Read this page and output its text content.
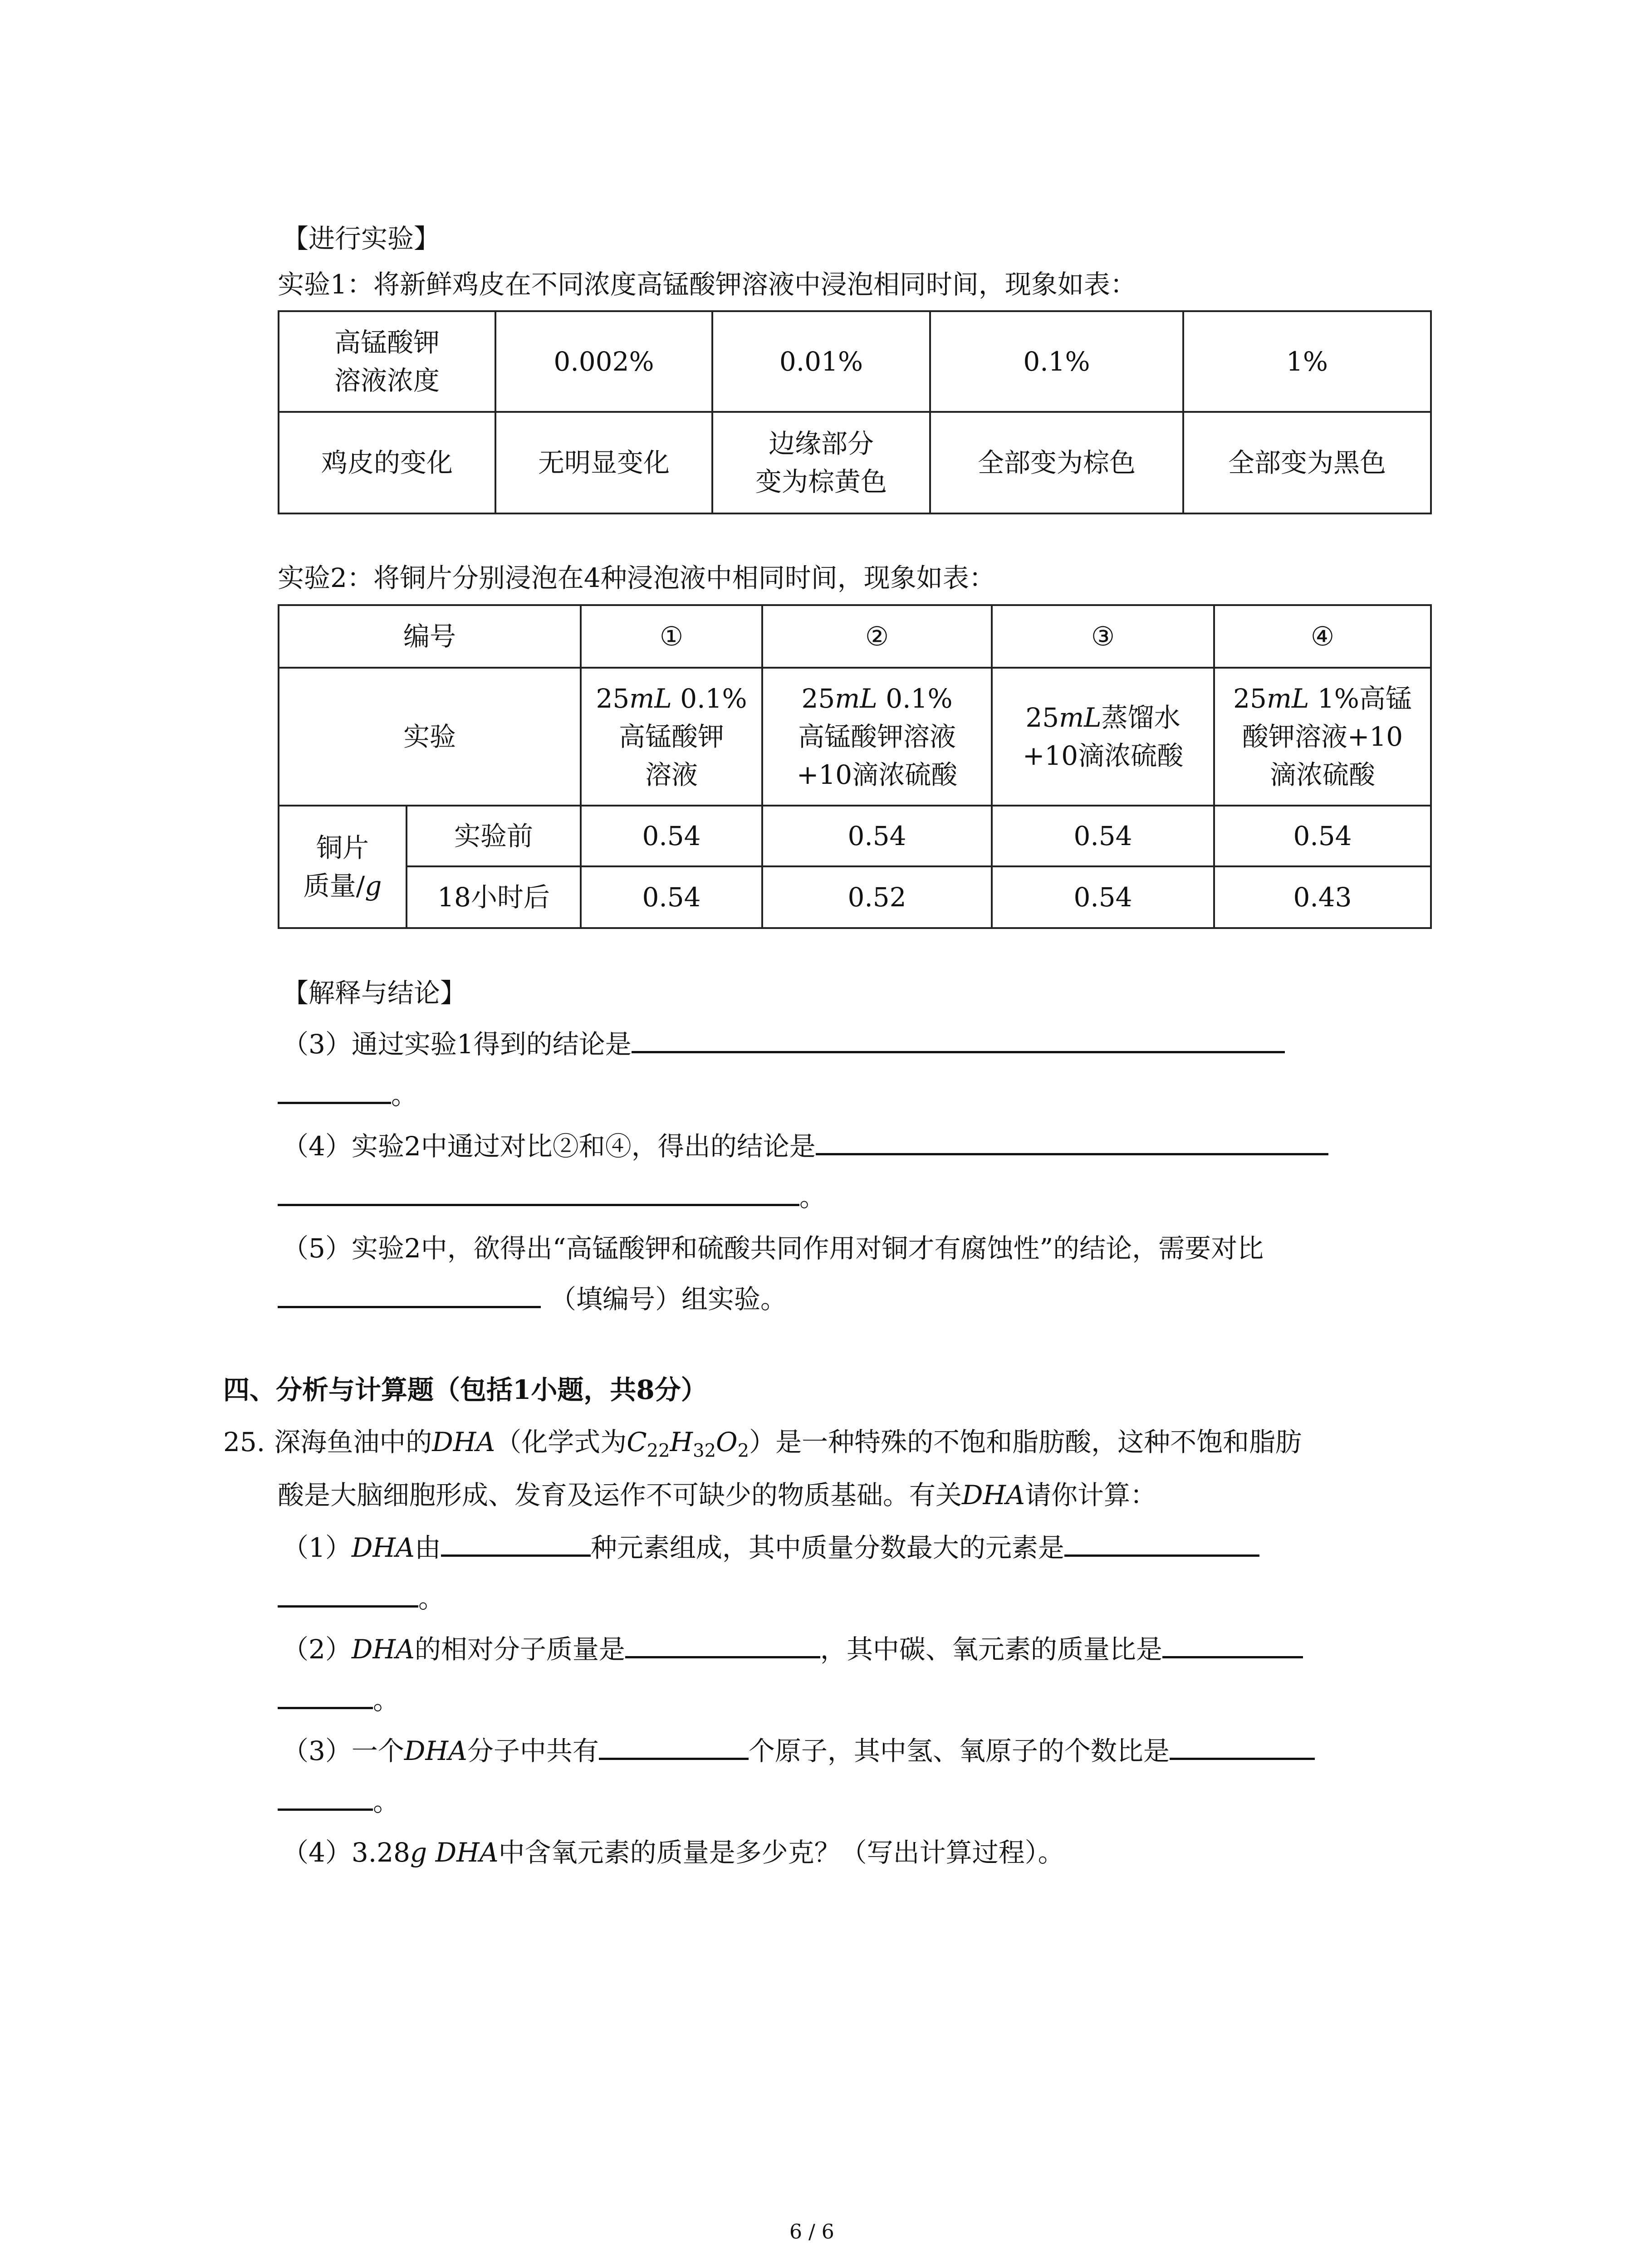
【进行实验】
实验1：将新鲜鸡皮在不同浓度高锰酸钾溶液中浸泡相同时间，现象如表：
高锰酸钾
溶液浓度	0.002%	0.01%	0.1%	1%
鸡皮的变化	无明显变化	边缘部分
变为棕黄色	全部变为棕色	全部变为黑色
实验2：将铜片分别浸泡在4种浸泡液中相同时间，现象如表：
编号		①	②	③	④
实验		25mL 0.1%
高锰酸钾
溶液	25mL 0.1%
高锰酸钾溶液
+10滴浓硫酸	25mL蒸馏水
+10滴浓硫酸	25mL 1%高锰
酸钾溶液+10
滴浓硫酸
铜片
质量/g	实验前	0.54	0.54	0.54	0.54
	18小时后	0.54	0.52	0.54	0.43
【解释与结论】
（3）通过实验1得到的结论是
。
（4）实验2中通过对比②和④，得出的结论是
。
（5）实验2中，欲得出“高锰酸钾和硫酸共同作用对铜才有腐蚀性”的结论，需要对比
（填编号）组实验。
四、分析与计算题（包括1小题，共8分）
25. 深海鱼油中的DHA（化学式为$C_{22}H_{32}O_2$）是一种特殊的不饱和脂肪酸，这种不饱和脂肪
酸是大脑细胞形成、发育及运作不可缺少的物质基础。有关DHA请你计算：
（1）DHA由	种元素组成，其中质量分数最大的元素是
。
（2）DHA的相对分子质量是	，其中碳、氧元素的质量比是
。
（3）一个DHA分子中共有	个原子，其中氢、氧原子的个数比是
。
（4）3.28g DHA中含氧元素的质量是多少克？（写出计算过程）。
6 / 6
